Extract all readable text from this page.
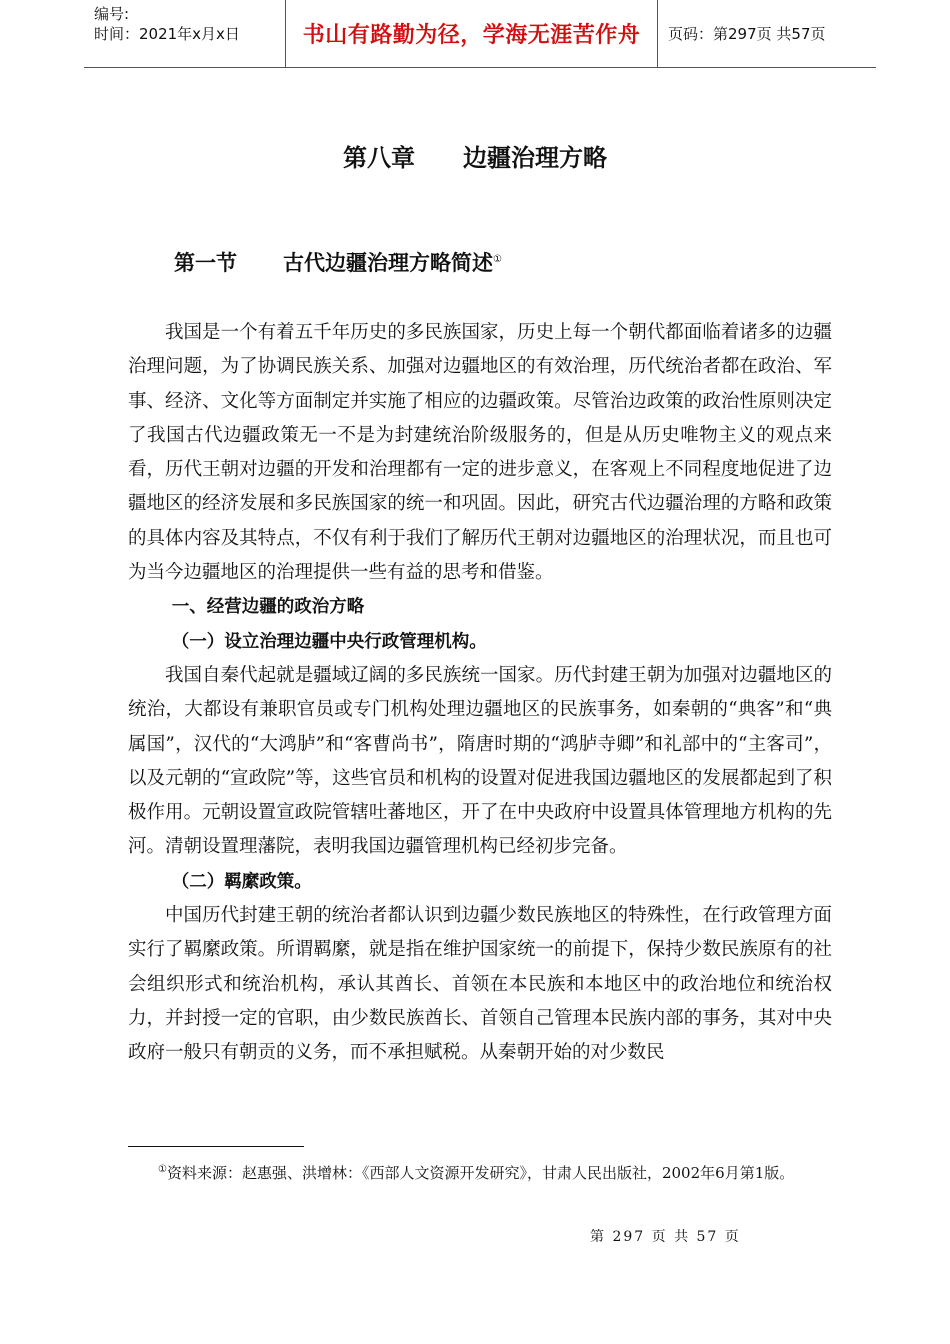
编号:
时间：2021年x月x日	书山有路勤为径，学海无涯苦作舟 页码：第297页 共57页
第八章 边疆治理方略
第一节 古代边疆治理方略简述①

我国是一个有着五千年历史的多民族国家，历史上每一个朝代都面临着诸多的边疆治理问题，为了协调民族关系、加强对边疆地区的有效治理，历代统治者都在政治、军事、经济、文化等方面制定并实施了相应的边疆政策。尽管治边政策的政治性原则决定了我国古代边疆政策无一不是为封建统治阶级服务的，但是从历史唯物主义的观点来看，历代王朝对边疆的开发和治理都有一定的进步意义，在客观上不同程度地促进了边疆地区的经济发展和多民族国家的统一和巩固。因此，研究古代边疆治理的方略和政策的具体内容及其特点，不仅有利于我们了解历代王朝对边疆地区的治理状况，而且也可为当今边疆地区的治理提供一些有益的思考和借鉴。

一、经营边疆的政治方略

（一）设立治理边疆中央行政管理机构。

我国自秦代起就是疆域辽阔的多民族统一国家。历代封建王朝为加强对边疆地区的统治，大都设有兼职官员或专门机构处理边疆地区的民族事务，如秦朝的“典客”和“典属国”，汉代的“大鸿胪”和“客曹尚书”，隋唐时期的“鸿胪寺卿”和礼部中的“主客司”，以及元朝的“宣政院”等，这些官员和机构的设置对促进我国边疆地区的发展都起到了积极作用。元朝设置宣政院管辖吐蕃地区，开了在中央政府中设置具体管理地方机构的先河。清朝设置理藩院，表明我国边疆管理机构已经初步完备。

（二）羁縻政策。

中国历代封建王朝的统治者都认识到边疆少数民族地区的特殊性，在行政管理方面实行了羁縻政策。所谓羁縻，就是指在维护国家统一的前提下，保持少数民族原有的社会组织形式和统治机构，承认其酋长、首领在本民族和本地区中的政治地位和统治权力，并封授一定的官职，由少数民族酋长、首领自己管理本民族内部的事务，其对中央政府一般只有朝贡的义务，而不承担赋税。从秦朝开始的对少数民

①资料来源：赵惠强、洪增林：《西部人文资源开发研究》，甘肃人民出版社，2002年6月第1版。
第 297 页 共 57 页
